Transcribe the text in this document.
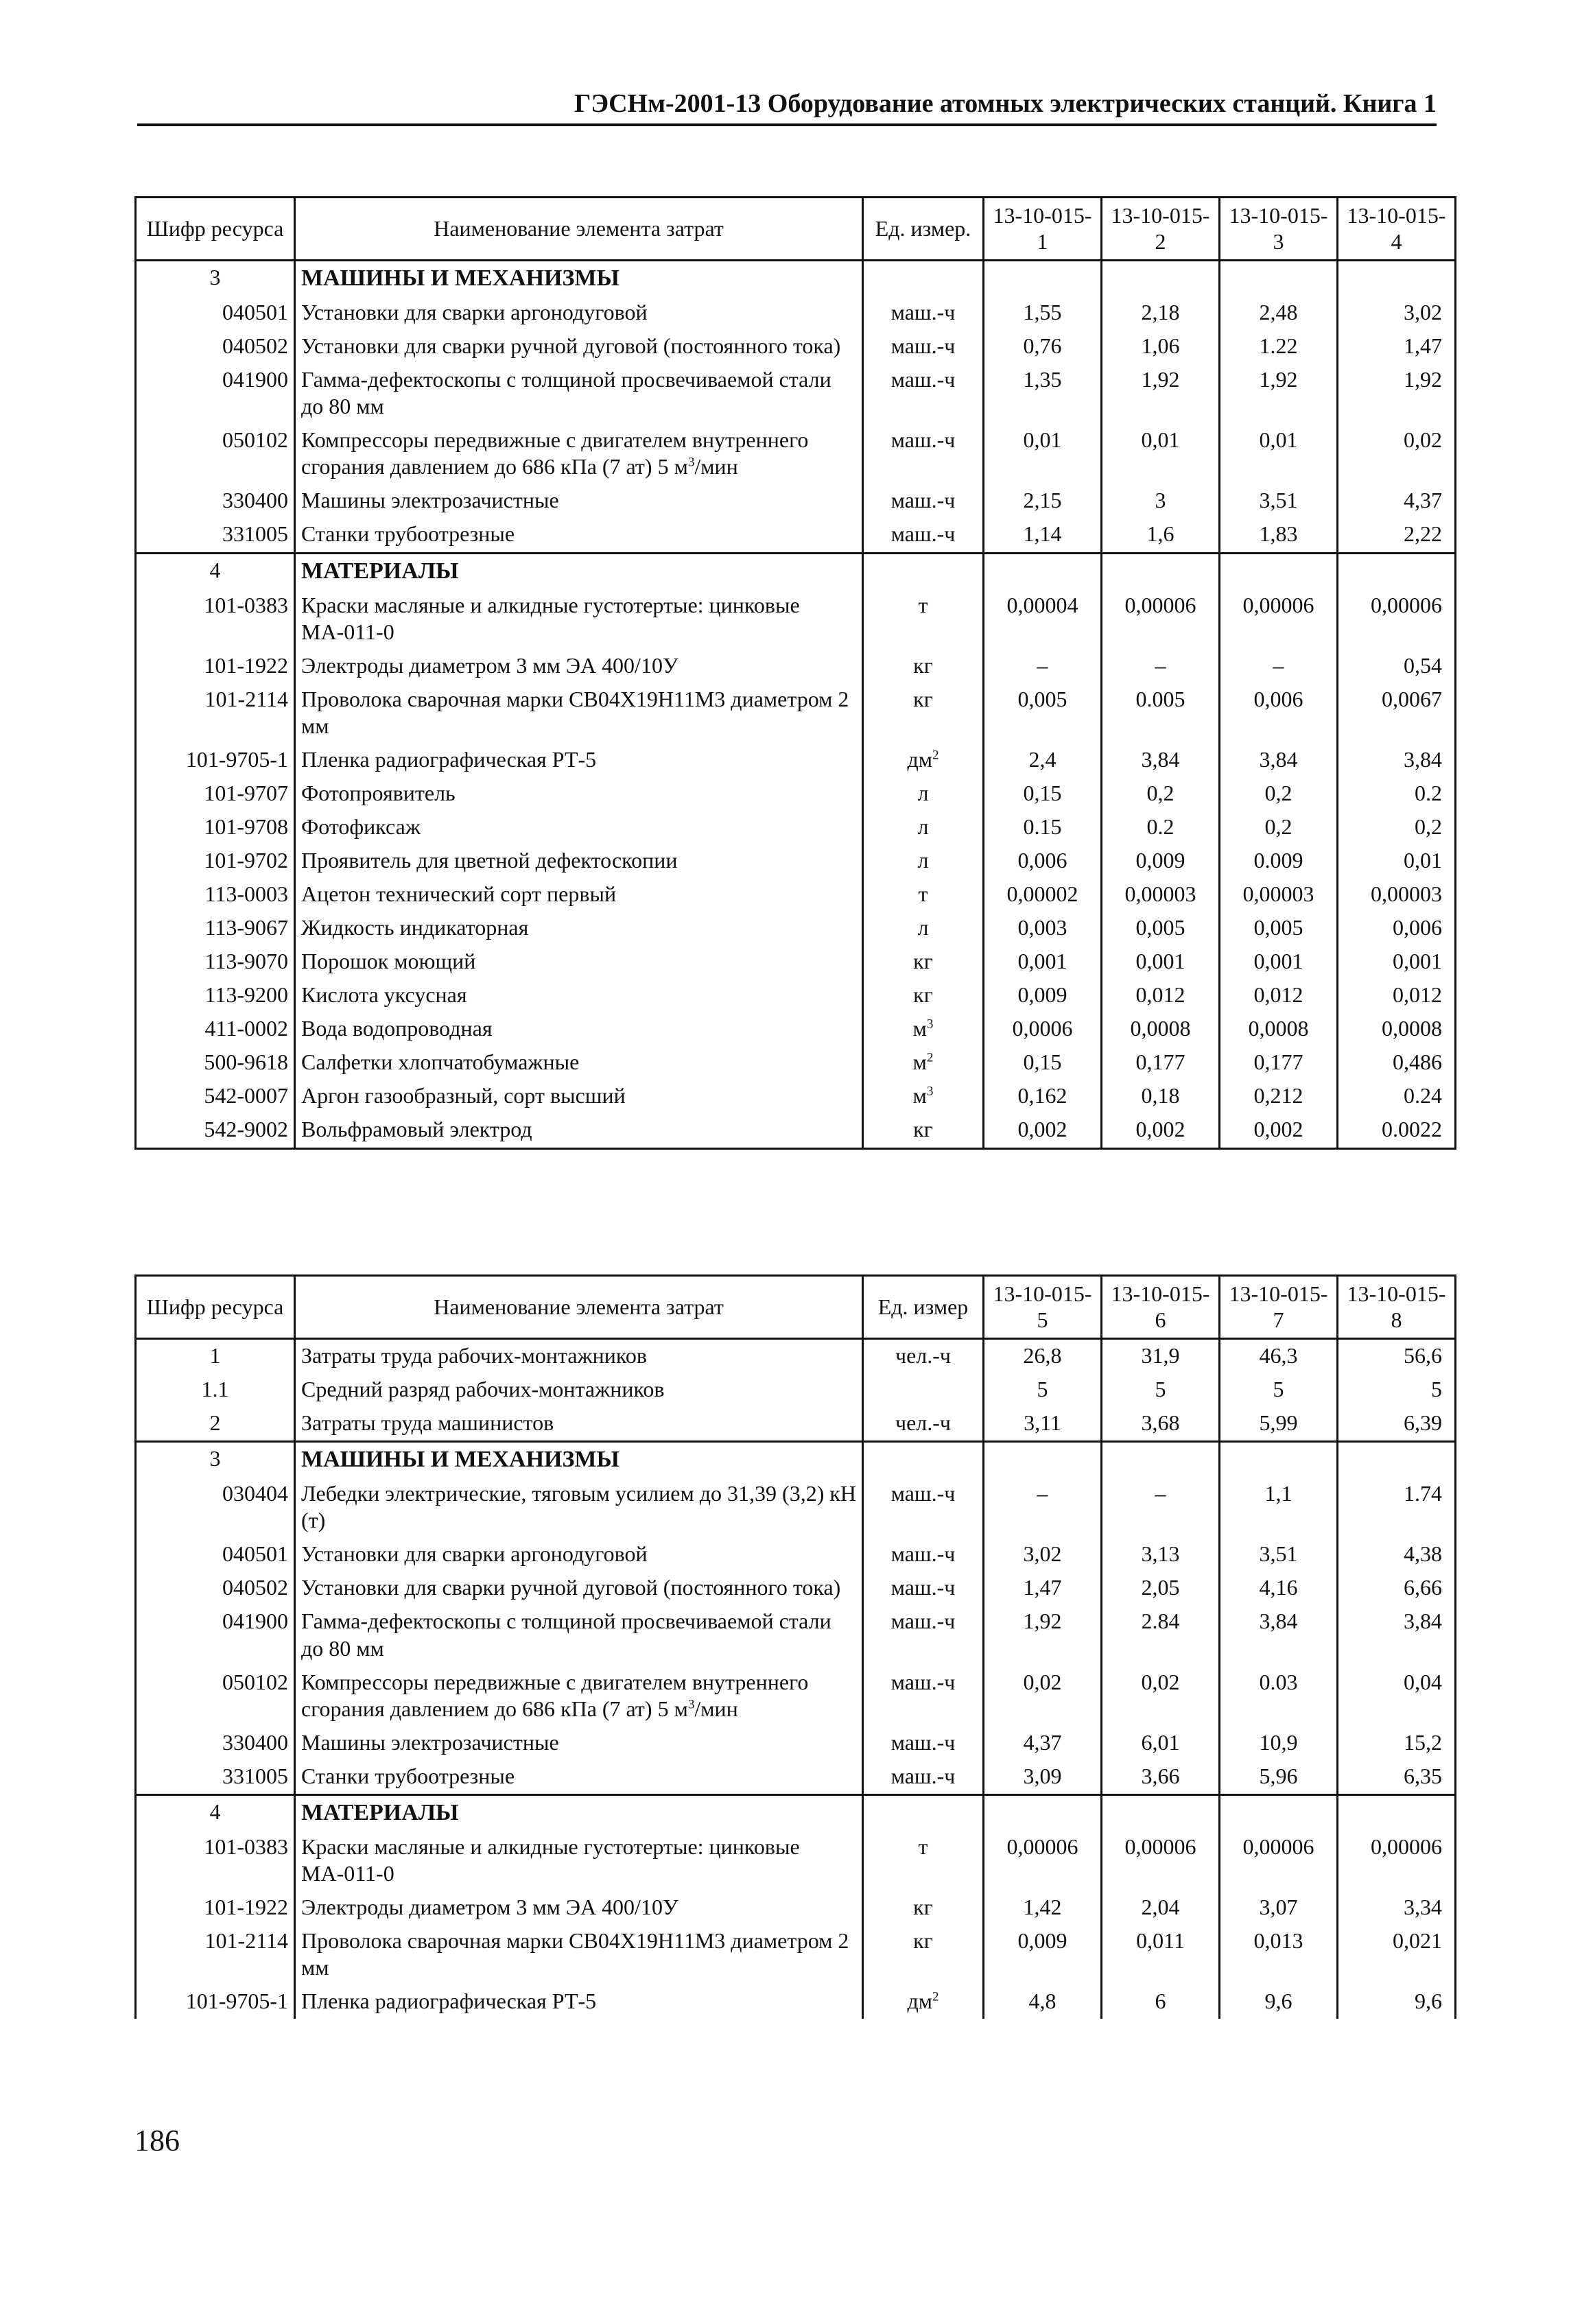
ГЭСНм-2001-13 Оборудование атомных электрических станций. Книга 1
Шифр ресурса	Наименование элемента затрат	Ед. измер.	13-10-015-1	13-10-015-2	13-10-015-3	13-10-015-4
3	МАШИНЫ И МЕХАНИЗМЫ					
040501	Установки для сварки аргонодуговой	маш.-ч	1,55	2,18	2,48	3,02
040502	Установки для сварки ручной дуговой (постоянного тока)	маш.-ч	0,76	1,06	1.22	1,47
041900	Гамма-дефектоскопы с толщиной просвечиваемой стали до 80 мм	маш.-ч	1,35	1,92	1,92	1,92
050102	Компрессоры передвижные с двигателем внутреннего сгорания давлением до 686 кПа (7 ат) 5 $м^3$/мин	маш.-ч	0,01	0,01	0,01	0,02
330400	Машины электрозачистные	маш.-ч	2,15	3	3,51	4,37
331005	Станки трубоотрезные	маш.-ч	1,14	1,6	1,83	2,22
4	МАТЕРИАЛЫ					
101-0383	Краски масляные и алкидные густотертые: цинковые МА-011-0	т	0,00004	0,00006	0,00006	0,00006
101-1922	Электроды диаметром 3 мм ЭА 400/10У	кг	–	–	–	0,54
101-2114	Проволока сварочная марки СВ04Х19Н11М3 диаметром 2 мм	кг	0,005	0.005	0,006	0,0067
101-9705-1	Пленка радиографическая РТ-5	$дм^2$	2,4	3,84	3,84	3,84
101-9707	Фотопроявитель	л	0,15	0,2	0,2	0.2
101-9708	Фотофиксаж	л	0.15	0.2	0,2	0,2
101-9702	Проявитель для цветной дефектоскопии	л	0,006	0,009	0.009	0,01
113-0003	Ацетон технический сорт первый	т	0,00002	0,00003	0,00003	0,00003
113-9067	Жидкость индикаторная	л	0,003	0,005	0,005	0,006
113-9070	Порошок моющий	кг	0,001	0,001	0,001	0,001
113-9200	Кислота уксусная	кг	0,009	0,012	0,012	0,012
411-0002	Вода водопроводная	$м^3$	0,0006	0,0008	0,0008	0,0008
500-9618	Салфетки хлопчатобумажные	$м^2$	0,15	0,177	0,177	0,486
542-0007	Аргон газообразный, сорт высший	$м^3$	0,162	0,18	0,212	0.24
542-9002	Вольфрамовый электрод	кг	0,002	0,002	0,002	0.0022
Шифр ресурса	Наименование элемента затрат	Ед. измер	13-10-015-5	13-10-015-6	13-10-015-7	13-10-015-8
1	Затраты труда рабочих-монтажников	чел.-ч	26,8	31,9	46,3	56,6
1.1	Средний разряд рабочих-монтажников		5	5	5	5
2	Затраты труда машинистов	чел.-ч	3,11	3,68	5,99	6,39
3	МАШИНЫ И МЕХАНИЗМЫ					
030404	Лебедки электрические, тяговым усилием до 31,39 (3,2) кН (т)	маш.-ч	–	–	1,1	1.74
040501	Установки для сварки аргонодуговой	маш.-ч	3,02	3,13	3,51	4,38
040502	Установки для сварки ручной дуговой (постоянного тока)	маш.-ч	1,47	2,05	4,16	6,66
041900	Гамма-дефектоскопы с толщиной просвечиваемой стали до 80 мм	маш.-ч	1,92	2.84	3,84	3,84
050102	Компрессоры передвижные с двигателем внутреннего сгорания давлением до 686 кПа (7 ат) 5 $м^3$/мин	маш.-ч	0,02	0,02	0.03	0,04
330400	Машины электрозачистные	маш.-ч	4,37	6,01	10,9	15,2
331005	Станки трубоотрезные	маш.-ч	3,09	3,66	5,96	6,35
4	МАТЕРИАЛЫ					
101-0383	Краски масляные и алкидные густотертые: цинковые МА-011-0	т	0,00006	0,00006	0,00006	0,00006
101-1922	Электроды диаметром 3 мм ЭА 400/10У	кг	1,42	2,04	3,07	3,34
101-2114	Проволока сварочная марки СВ04Х19Н11М3 диаметром 2 мм	кг	0,009	0,011	0,013	0,021
101-9705-1	Пленка радиографическая РТ-5	$дм^2$	4,8	6	9,6	9,6
186
